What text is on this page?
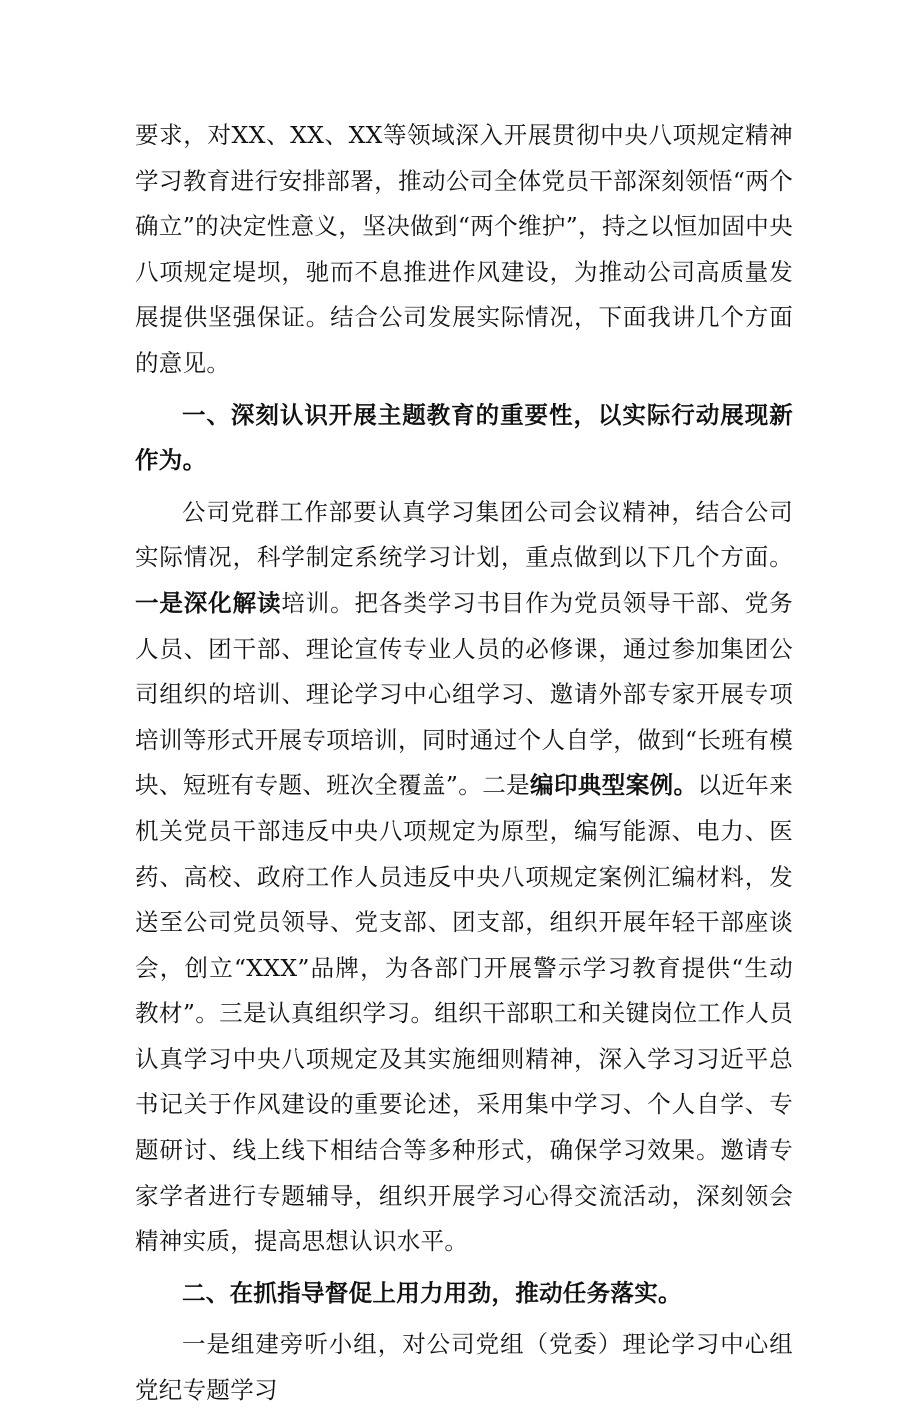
要求，对XX、XX、XX等领域深入开展贯彻中央八项规定精神学习教育进行安排部署，推动公司全体党员干部深刻领悟“两个确立”的决定性意义，坚决做到“两个维护”，持之以恒加固中央八项规定堤坝，驰而不息推进作风建设，为推动公司高质量发展提供坚强保证。结合公司发展实际情况，下面我讲几个方面的意见。

一、深刻认识开展主题教育的重要性，以实际行动展现新作为。

公司党群工作部要认真学习集团公司会议精神，结合公司实际情况，科学制定系统学习计划，重点做到以下几个方面。一是深化解读培训。把各类学习书目作为党员领导干部、党务人员、团干部、理论宣传专业人员的必修课，通过参加集团公司组织的培训、理论学习中心组学习、邀请外部专家开展专项培训等形式开展专项培训，同时通过个人自学，做到“长班有模块、短班有专题、班次全覆盖”。二是编印典型案例。以近年来机关党员干部违反中央八项规定为原型，编写能源、电力、医药、高校、政府工作人员违反中央八项规定案例汇编材料，发送至公司党员领导、党支部、团支部，组织开展年轻干部座谈会，创立“XXX”品牌，为各部门开展警示学习教育提供“生动教材”。三是认真组织学习。组织干部职工和关键岗位工作人员认真学习中央八项规定及其实施细则精神，深入学习习近平总书记关于作风建设的重要论述，采用集中学习、个人自学、专题研讨、线上线下相结合等多种形式，确保学习效果。邀请专家学者进行专题辅导，组织开展学习心得交流活动，深刻领会精神实质，提高思想认识水平。

二、在抓指导督促上用力用劲，推动任务落实。

一是组建旁听小组，对公司党组（党委）理论学习中心组党纪专题学习
